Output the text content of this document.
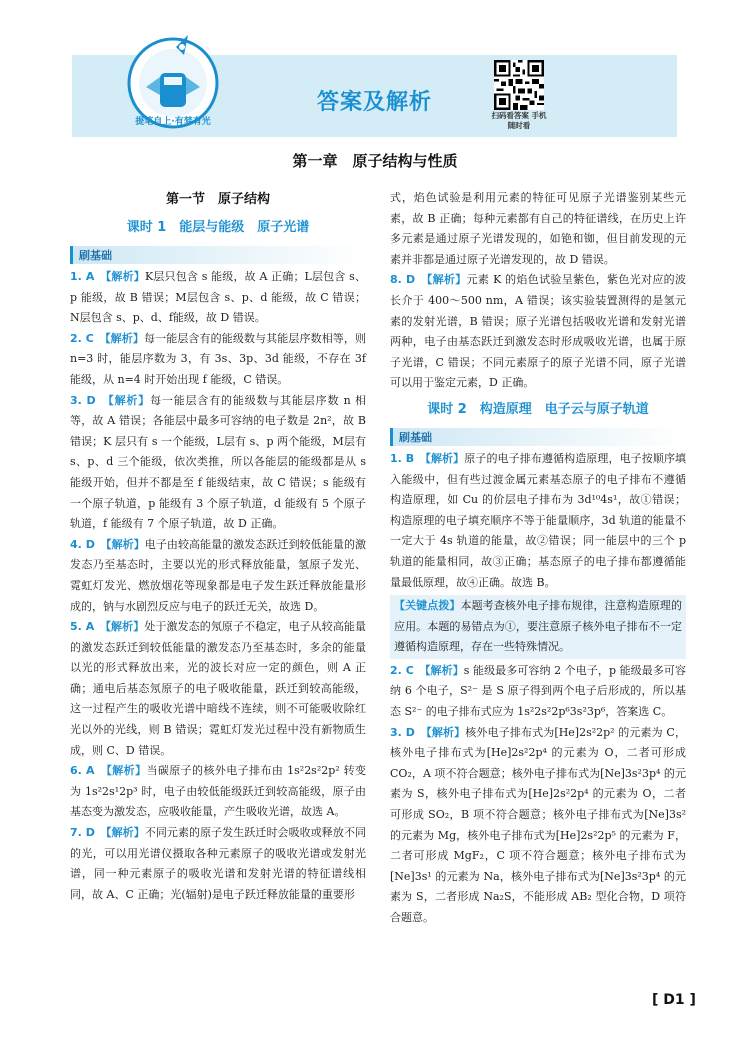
答案及解析
提笔自上·有梦有光
扫码看答案 手机随时看
第一章　原子结构与性质
第一节　原子结构
课时 1　能层与能级　原子光谱
刷基础
1. A　 【解析】K层只包含 s 能级，故 A 正确；L层包含 s、p 能级，故 B 错误；M层包含 s、p、d 能级，故 C 错误；N层包含 s、p、d、f能级，故 D 错误。
2. C　 【解析】每一能层含有的能级数与其能层序数相等，则 n=3 时，能层序数为 3，有 3s、3p、3d 能级，不存在 3f 能级，从 n=4 时开始出现 f 能级，C 错误。
3. D　 【解析】每一能层含有的能级数与其能层序数 n 相等，故 A 错误；各能层中最多可容纳的电子数是 2n²，故 B 错误；K 层只有 s 一个能级，L层有 s、p 两个能级，M层有 s、p、d 三个能级，依次类推，所以各能层的能级都是从 s 能级开始，但并不都是至 f 能级结束，故 C 错误；s 能级有一个原子轨道，p 能级有 3 个原子轨道，d 能级有 5 个原子轨道，f 能级有 7 个原子轨道，故 D 正确。
4. D　 【解析】电子由较高能量的激发态跃迁到较低能量的激发态乃至基态时，主要以光的形式释放能量，氢原子发光、霓虹灯发光、燃放烟花等现象都是电子发生跃迁释放能量形成的，钠与水剧烈反应与电子的跃迁无关，故选 D。
5. A　 【解析】处于激发态的氖原子不稳定，电子从较高能量的激发态跃迁到较低能量的激发态乃至基态时，多余的能量以光的形式释放出来，光的波长对应一定的颜色，则 A 正确；通电后基态氖原子的电子吸收能量，跃迁到较高能级，这一过程产生的吸收光谱中暗线不连续，则不可能吸收除红光以外的光线，则 B 错误；霓虹灯发光过程中没有新物质生成，则 C、D 错误。
6. A　 【解析】当碳原子的核外电子排布由 1s²2s²2p² 转变为 1s²2s¹2p³ 时，电子由较低能级跃迁到较高能级，原子由基态变为激发态，应吸收能量，产生吸收光谱，故选 A。
7. D　 【解析】不同元素的原子发生跃迁时会吸收或释放不同的光，可以用光谱仪摄取各种元素原子的吸收光谱或发射光谱，同一种元素原子的吸收光谱和发射光谱的特征谱线相同，故 A、C 正确；光(辐射)是电子跃迁释放能量的重要形
式，焰色试验是利用元素的特征可见原子光谱鉴别某些元素，故 B 正确；每种元素都有自己的特征谱线，在历史上许多元素是通过原子光谱发现的，如铯和铷，但目前发现的元素并非都是通过原子光谱发现的，故 D 错误。
8. D　 【解析】元素 K 的焰色试验呈紫色，紫色光对应的波长介于 400～500 nm，A 错误；该实验装置测得的是氢元素的发射光谱，B 错误；原子光谱包括吸收光谱和发射光谱两种，电子由基态跃迁到激发态时形成吸收光谱，也属于原子光谱，C 错误；不同元素原子的原子光谱不同，原子光谱可以用于鉴定元素，D 正确。
课时 2　构造原理　电子云与原子轨道
刷基础
1. B　 【解析】原子的电子排布遵循构造原理，电子按顺序填入能级中，但有些过渡金属元素基态原子的电子排布不遵循构造原理，如 Cu 的价层电子排布为 3d¹⁰4s¹，故①错误；构造原理的电子填充顺序不等于能量顺序，3d 轨道的能量不一定大于 4s 轨道的能量，故②错误；同一能层中的三个 p 轨道的能量相同，故③正确；基态原子的电子排布都遵循能量最低原理，故④正确。故选 B。
【关键点拨】本题考查核外电子排布规律，注意构造原理的应用。本题的易错点为①，要注意原子核外电子排布不一定遵循构造原理，存在一些特殊情况。
2. C　 【解析】s 能级最多可容纳 2 个电子，p 能级最多可容纳 6 个电子，S²⁻ 是 S 原子得到两个电子后形成的，所以基态 S²⁻ 的电子排布式应为 1s²2s²2p⁶3s²3p⁶，答案选 C。
3. D　 【解析】核外电子排布式为[He]2s²2p² 的元素为 C，核外电子排布式为[He]2s²2p⁴ 的元素为 O，二者可形成 CO₂，A 项不符合题意；核外电子排布式为[Ne]3s²3p⁴ 的元素为 S，核外电子排布式为[He]2s²2p⁴ 的元素为 O，二者可形成 SO₂，B 项不符合题意；核外电子排布式为[Ne]3s² 的元素为 Mg，核外电子排布式为[He]2s²2p⁵ 的元素为 F，二者可形成 MgF₂，C 项不符合题意；核外电子排布式为[Ne]3s¹ 的元素为 Na，核外电子排布式为[Ne]3s²3p⁴ 的元素为 S，二者形成 Na₂S，不能形成 AB₂ 型化合物，D 项符合题意。
[ D1 ]
